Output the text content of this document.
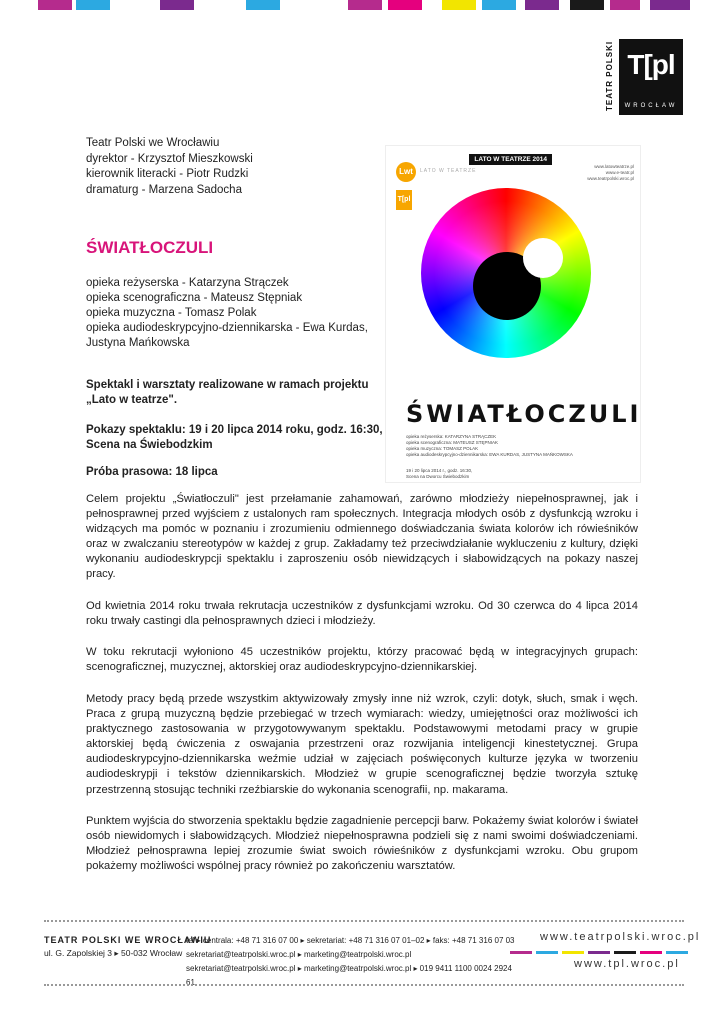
TEATR POLSKI T[pl
WROCŁAW
Teatr Polski we Wrocławiu
dyrektor - Krzysztof Mieszkowski
kierownik literacki - Piotr Rudzki
dramaturg - Marzena Sadocha
ŚWIATŁOCZULI
opieka reżyserska - Katarzyna Strączek
opieka scenograficzna - Mateusz Stępniak
opieka muzyczna - Tomasz Polak
opieka audiodeskrypcyjno-dziennikarska - Ewa Kurdas, Justyna Mańkowska
Spektakl i warsztaty realizowane w ramach projektu „Lato w teatrze".
Pokazy spektaklu: 19 i 20 lipca 2014 roku, godz. 16:30, Scena na Świebodzkim
Próba prasowa: 18 lipca
LATO W TEATRZE 2014
Lwt	LATO W TEATRZE
T[pl
www.latowteatrze.pl
www.e-teatr.pl
www.teatrpolski.wroc.pl
ŚWIATŁOCZULI
opieka reżyserska: KATARZYNA STRĄCZEK
opieka scenograficzna: MATEUSZ STĘPNIAK
opieka muzyczna: TOMASZ POLAK
opieka audiodeskrypcyjno-dziennikarska: EWA KURDAS, JUSTYNA MAŃKOWSKA
19 i 20 lipca 2014 r., godz. 16:30,
Scena na Dworcu Świebodzkim
Celem projektu „Światłoczuli" jest przełamanie zahamowań, zarówno młodzieży niepełnosprawnej, jak i pełnosprawnej przed wyjściem z ustalonych ram społecznych. Integracja młodych osób z dysfunkcją wzroku i widzących ma pomóc w poznaniu i zrozumieniu odmiennego doświadczania świata kolorów ich rówieśników oraz w zwalczaniu stereotypów w każdej z grup. Zakładamy też przeciwdziałanie wykluczeniu z kultury, dzięki wykonaniu audiodeskrypcji spektaklu i zaproszeniu osób niewidzących i słabowidzących na pokazy naszej pracy.
Od kwietnia 2014 roku trwała rekrutacja uczestników z dysfunkcjami wzroku. Od 30 czerwca do 4 lipca 2014 roku trwały castingi dla pełnosprawnych dzieci i młodzieży.
W toku rekrutacji wyłoniono 45 uczestników projektu, którzy pracować będą w integracyjnych grupach: scenograficznej, muzycznej, aktorskiej oraz audiodeskrypcyjno-dziennikarskiej.
Metody pracy będą przede wszystkim aktywizowały zmysły inne niż wzrok, czyli: dotyk, słuch, smak i węch. Praca z grupą muzyczną będzie przebiegać w trzech wymiarach: wiedzy, umiejętności oraz możliwości ich praktycznego zastosowania w przygotowywanym spektaklu. Podstawowymi metodami pracy w grupie aktorskiej będą ćwiczenia z oswajania przestrzeni oraz rozwijania inteligencji kinestetycznej. Grupa audiodeskrypcyjno-dziennikarska weźmie udział w zajęciach poświęconych kulturze języka w tworzeniu audiodeskrypji i tekstów dziennikarskich. Młodzież w grupie scenograficznej będzie tworzyła sztukę przestrzenną stosując techniki rzeźbiarskie do wykonania scenografii, np. makarama.
Punktem wyjścia do stworzenia spektaklu będzie zagadnienie percepcji barw. Pokażemy świat kolorów i świateł osób niewidomych i słabowidzących. Młodzież niepełnosprawna podzieli się z nami swoimi doświadczeniami. Młodzież pełnosprawna lepiej zrozumie świat swoich rówieśników z dysfunkcjami wzroku. Obu grupom pokażemy możliwości wspólnej pracy również po zakończeniu warsztatów.
TEATR POLSKI WE WROCŁAWIU
ul. G. Zapolskiej 3 ▸ 50-032 Wrocław
tel ▸ centrala: +48 71 316 07 00 ▸ sekretariat: +48 71 316 07 01–02 ▸ faks: +48 71 316 07 03
sekretariat@teatrpolski.wroc.pl ▸ marketing@teatrpolski.wroc.pl
sekretariat@teatrpolski.wroc.pl ▸ marketing@teatrpolski.wroc.pl ▸ 019 9411 1100 0024 2924 61
www.teatrpolski.wroc.pl
www.tpl.wroc.pl
